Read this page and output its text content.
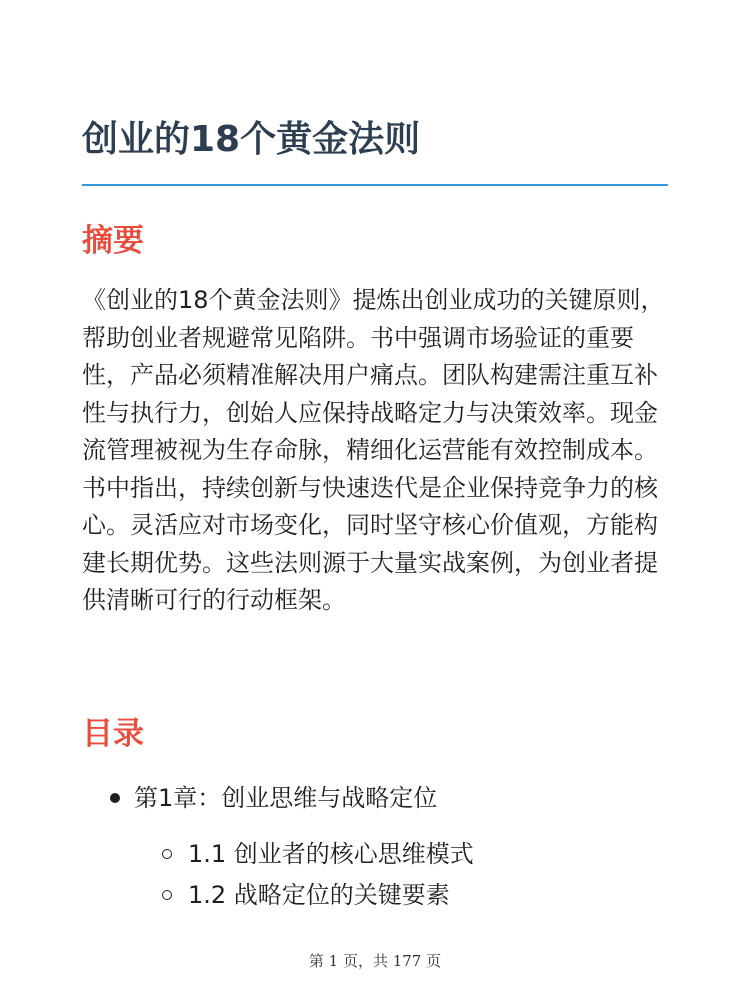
创业的18个黄金法则
摘要

《创业的18个黄金法则》提炼出创业成功的关键原则，帮助创业者规避常见陷阱。书中强调市场验证的重要性，产品必须精准解决用户痛点。团队构建需注重互补性与执行力，创始人应保持战略定力与决策效率。现金流管理被视为生存命脉，精细化运营能有效控制成本。书中指出，持续创新与快速迭代是企业保持竞争力的核心。灵活应对市场变化，同时坚守核心价值观，方能构建长期优势。这些法则源于大量实战案例，为创业者提供清晰可行的行动框架。

目录
第1章：创业思维与战略定位
1.1 创业者的核心思维模式
1.2 战略定位的关键要素
第 1 页，共 177 页
